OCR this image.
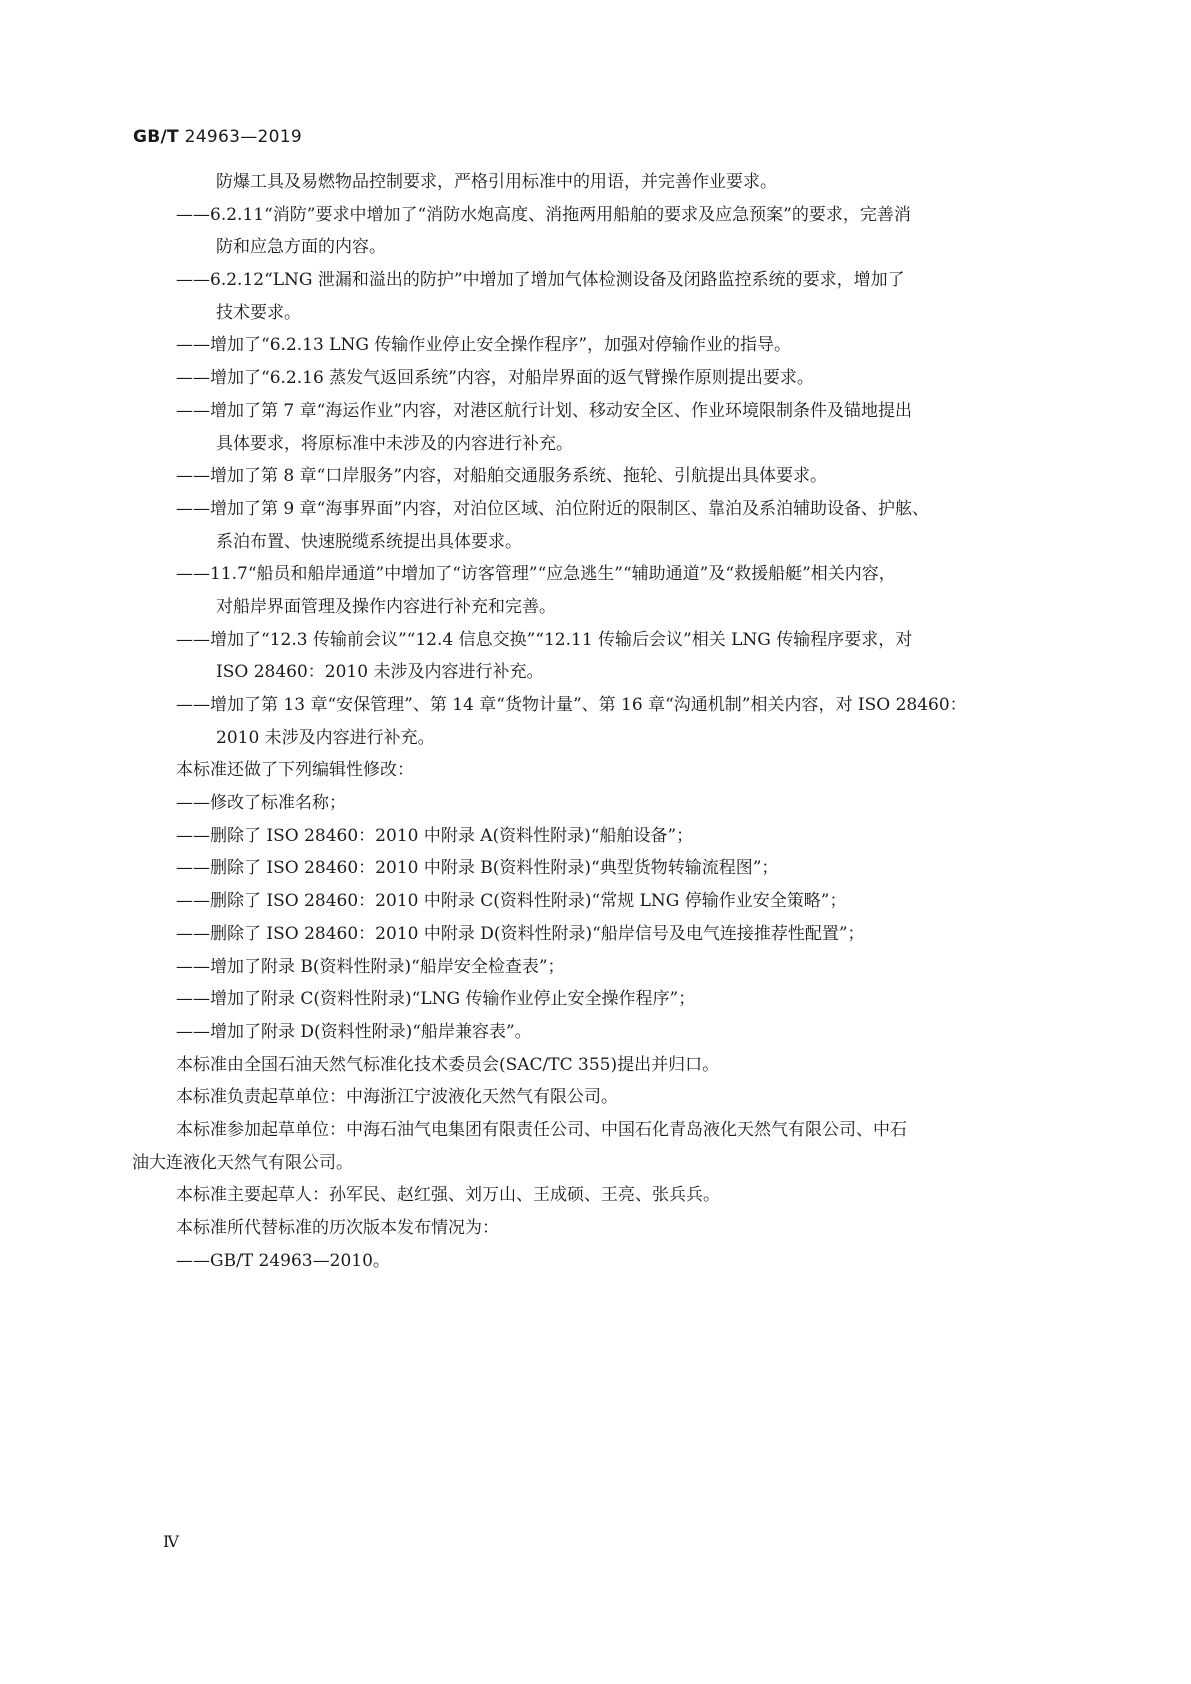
GB/T 24963—2019
防爆工具及易燃物品控制要求，严格引用标准中的用语，并完善作业要求。
——6.2.11“消防”要求中增加了“消防水炮高度、消拖两用船舶的要求及应急预案”的要求，完善消
防和应急方面的内容。
——6.2.12“LNG 泄漏和溢出的防护”中增加了增加气体检测设备及闭路监控系统的要求，增加了
技术要求。
——增加了“6.2.13 LNG 传输作业停止安全操作程序”，加强对停输作业的指导。
——增加了“6.2.16 蒸发气返回系统”内容，对船岸界面的返气臂操作原则提出要求。
——增加了第 7 章“海运作业”内容，对港区航行计划、移动安全区、作业环境限制条件及锚地提出
具体要求，将原标准中未涉及的内容进行补充。
——增加了第 8 章“口岸服务”内容，对船舶交通服务系统、拖轮、引航提出具体要求。
——增加了第 9 章“海事界面”内容，对泊位区域、泊位附近的限制区、靠泊及系泊辅助设备、护舷、
系泊布置、快速脱缆系统提出具体要求。
——11.7“船员和船岸通道”中增加了“访客管理”“应急逃生”“辅助通道”及“救援船艇”相关内容，
对船岸界面管理及操作内容进行补充和完善。
——增加了“12.3 传输前会议”“12.4 信息交换”“12.11 传输后会议”相关 LNG 传输程序要求，对
ISO 28460：2010 未涉及内容进行补充。
——增加了第 13 章“安保管理”、第 14 章“货物计量”、第 16 章“沟通机制”相关内容，对 ISO 28460：
2010 未涉及内容进行补充。
本标准还做了下列编辑性修改：
——修改了标准名称；
——删除了 ISO 28460：2010 中附录 A(资料性附录)“船舶设备”；
——删除了 ISO 28460：2010 中附录 B(资料性附录)“典型货物转输流程图”；
——删除了 ISO 28460：2010 中附录 C(资料性附录)“常规 LNG 停输作业安全策略”；
——删除了 ISO 28460：2010 中附录 D(资料性附录)“船岸信号及电气连接推荐性配置”；
——增加了附录 B(资料性附录)“船岸安全检查表”；
——增加了附录 C(资料性附录)“LNG 传输作业停止安全操作程序”；
——增加了附录 D(资料性附录)“船岸兼容表”。
本标准由全国石油天然气标准化技术委员会(SAC/TC 355)提出并归口。
本标准负责起草单位：中海浙江宁波液化天然气有限公司。
本标准参加起草单位：中海石油气电集团有限责任公司、中国石化青岛液化天然气有限公司、中石
油大连液化天然气有限公司。
本标准主要起草人：孙军民、赵红强、刘万山、王成硕、王亮、张兵兵。
本标准所代替标准的历次版本发布情况为：
——GB/T 24963—2010。
Ⅳ
